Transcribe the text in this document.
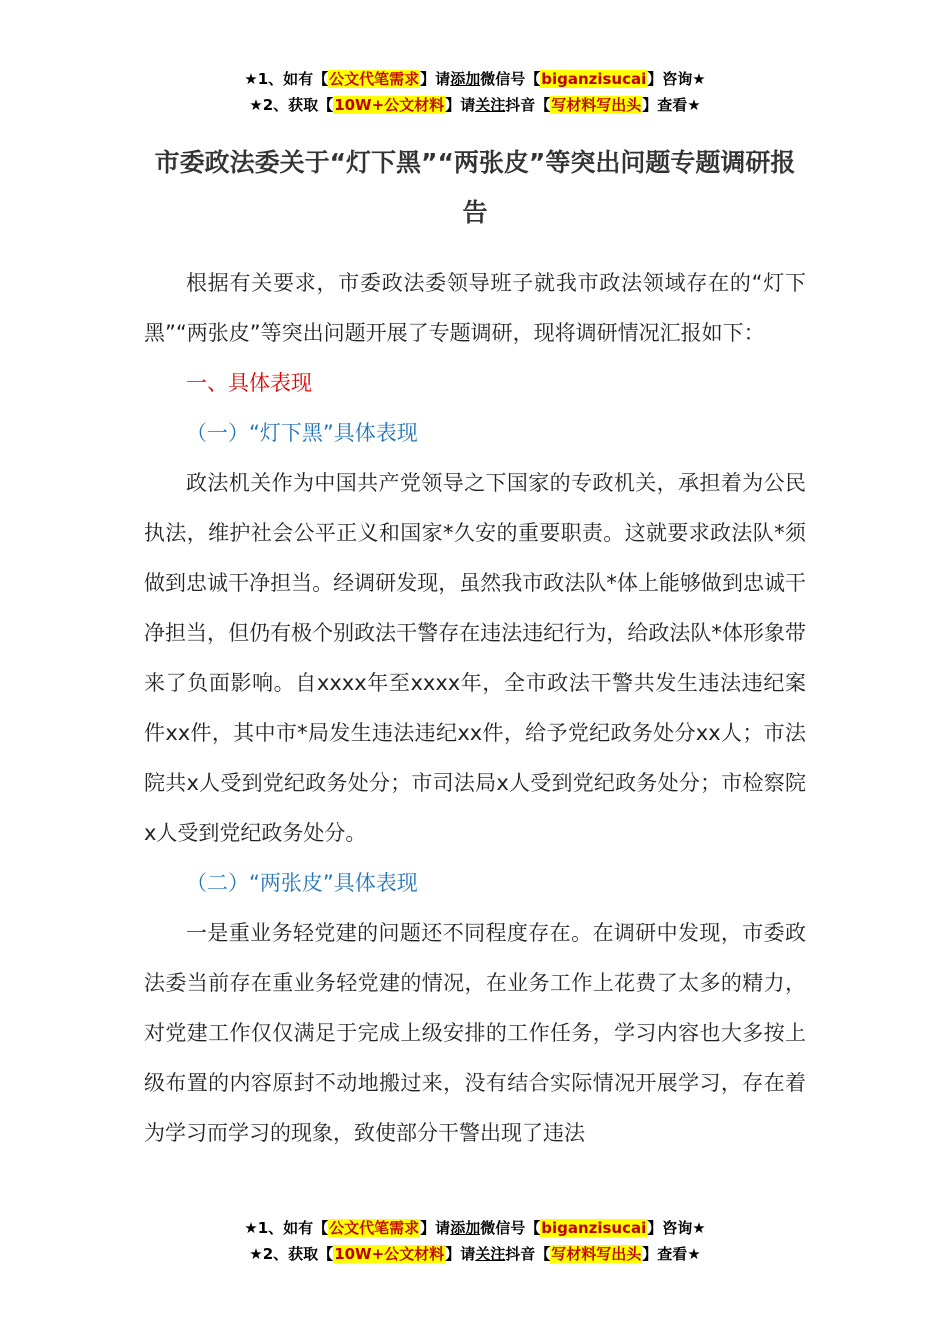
★1、如有【公文代笔需求】请添加微信号【biganzisucai】咨询★
★2、获取【10W+公文材料】请关注抖音【写材料写出头】查看★
市委政法委关于“灯下黑”“两张皮”等突出问题专题调研报告

根据有关要求，市委政法委领导班子就我市政法领域存在的“灯下黑”“两张皮”等突出问题开展了专题调研，现将调研情况汇报如下：

一、具体表现

（一）“灯下黑”具体表现

政法机关作为中国共产党领导之下国家的专政机关，承担着为公民执法，维护社会公平正义和国家*久安的重要职责。这就要求政法队*须做到忠诚干净担当。经调研发现，虽然我市政法队*体上能够做到忠诚干净担当，但仍有极个别政法干警存在违法违纪行为，给政法队*体形象带来了负面影响。自xxxx年至xxxx年，全市政法干警共发生违法违纪案件xx件，其中市*局发生违法违纪xx件，给予党纪政务处分xx人；市法院共x人受到党纪政务处分；市司法局x人受到党纪政务处分；市检察院x人受到党纪政务处分。

（二）“两张皮”具体表现

一是重业务轻党建的问题还不同程度存在。在调研中发现，市委政法委当前存在重业务轻党建的情况，在业务工作上花费了太多的精力，对党建工作仅仅满足于完成上级安排的工作任务，学习内容也大多按上级布置的内容原封不动地搬过来，没有结合实际情况开展学习，存在着为学习而学习的现象，致使部分干警出现了违法

★1、如有【公文代笔需求】请添加微信号【biganzisucai】咨询★
★2、获取【10W+公文材料】请关注抖音【写材料写出头】查看★
